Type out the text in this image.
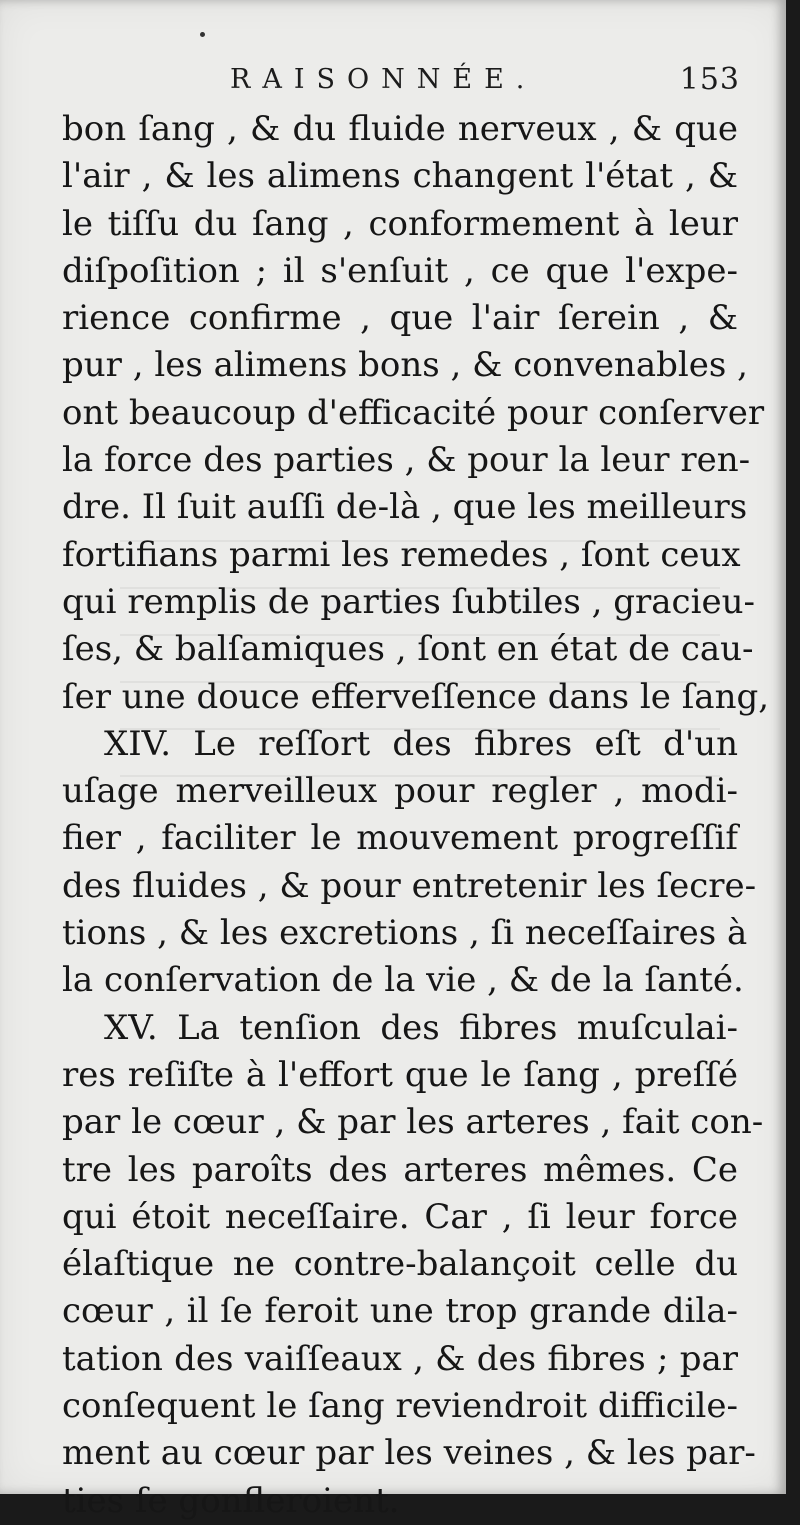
RAISONNÉE.	153
bon ſang , & du fluide nerveux , & que
l'air , & les alimens changent l'état , &
le tiſſu du ſang , conformement à leur
diſpoſition ; il s'enſuit , ce que l'expe-
rience confirme , que l'air ſerein , &
pur , les alimens bons , & convenables ,
ont beaucoup d'efficacité pour conſerver
la force des parties , & pour la leur ren-
dre. Il ſuit auſſi de-là , que les meilleurs
fortifians parmi les remedes , ſont ceux
qui remplis de parties ſubtiles , gracieu-
ſes, & balſamiques , ſont en état de cau-
ſer une douce efferveſſence dans le ſang,
XIV. Le reſſort des fibres eſt d'un
uſage merveilleux pour regler , modi-
fier , faciliter le mouvement progreſſif
des fluides , & pour entretenir les ſecre-
tions , & les excretions , ſi neceſſaires à
la conſervation de la vie , & de la ſanté.
XV. La tenſion des fibres muſculai-
res reſiſte à l'effort que le ſang , preſſé
par le cœur , & par les arteres , fait con-
tre les paroîts des arteres mêmes. Ce
qui étoit neceſſaire. Car , ſi leur force
élaſtique ne contre-balançoit celle du
cœur , il ſe feroit une trop grande dila-
tation des vaiſſeaux , & des fibres ; par
conſequent le ſang reviendroit difficile-
ment au cœur par les veines , & les par-
ties ſe gonfleroient.
